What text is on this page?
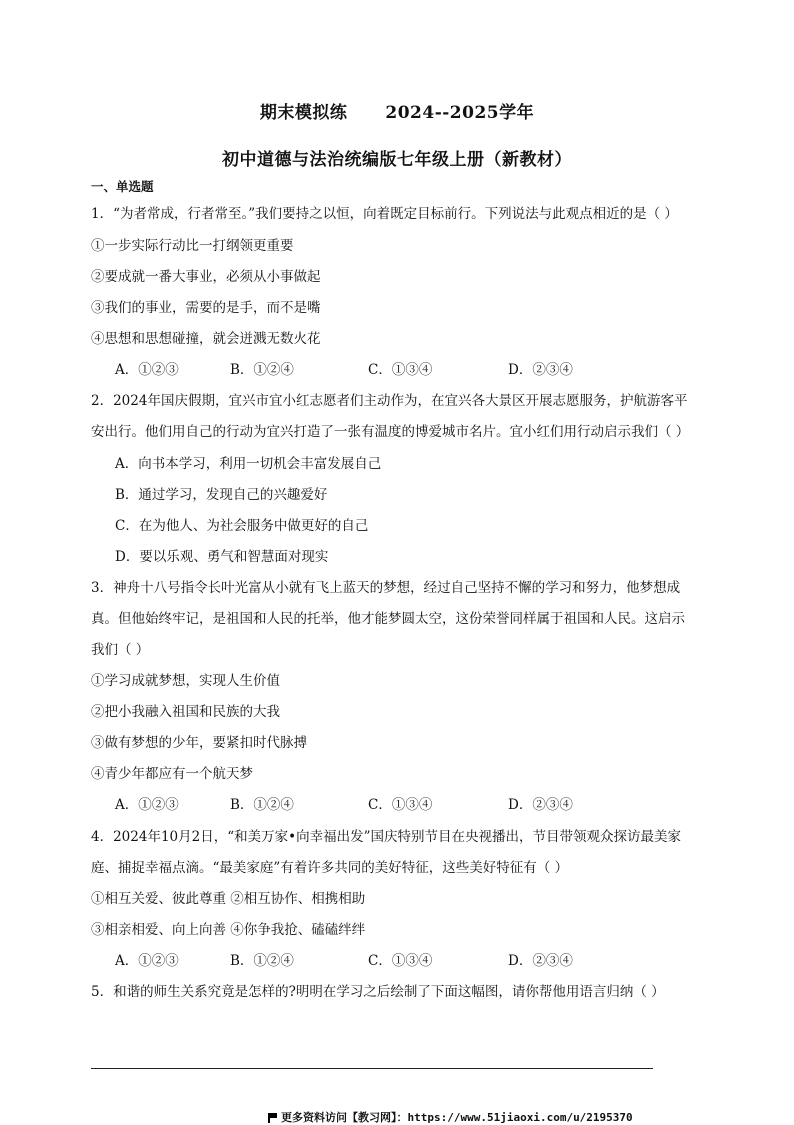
期末模拟练 2024--2025学年
初中道德与法治统编版七年级上册（新教材）
一、单选题
1．“为者常成，行者常至。”我们要持之以恒，向着既定目标前行。下列说法与此观点相近的是（ ）
①一步实际行动比一打纲领更重要
②要成就一番大事业，必须从小事做起
③我们的事业，需要的是手，而不是嘴
④思想和思想碰撞，就会迸溅无数火花
A．①②③	B．①②④	C．①③④	D．②③④
2．2024年国庆假期，宜兴市宜小红志愿者们主动作为，在宜兴各大景区开展志愿服务，护航游客平
安出行。他们用自己的行动为宜兴打造了一张有温度的博爱城市名片。宜小红们用行动启示我们（ ）
A．向书本学习，利用一切机会丰富发展自己
B．通过学习，发现自己的兴趣爱好
C．在为他人、为社会服务中做更好的自己
D．要以乐观、勇气和智慧面对现实
3．神舟十八号指令长叶光富从小就有飞上蓝天的梦想，经过自己坚持不懈的学习和努力，他梦想成
真。但他始终牢记，是祖国和人民的托举，他才能梦圆太空，这份荣誉同样属于祖国和人民。这启示
我们（ ）
①学习成就梦想，实现人生价值
②把小我融入祖国和民族的大我
③做有梦想的少年，要紧扣时代脉搏
④青少年都应有一个航天梦
A．①②③	B．①②④	C．①③④	D．②③④
4．2024年10月2日，“和美万家•向幸福出发”国庆特别节目在央视播出，节目带领观众探访最美家
庭、捕捉幸福点滴。“最美家庭”有着许多共同的美好特征，这些美好特征有（ ）
①相互关爱、彼此尊重 ②相互协作、相携相助
③相亲相爱、向上向善 ④你争我抢、磕磕绊绊
A．①②③	B．①②④	C．①③④	D．②③④
5．和谐的师生关系究竟是怎样的?明明在学习之后绘制了下面这幅图，请你帮他用语言归纳（ ）
更多资料访问【教习网】：https://www.51jiaoxi.com/u/2195370
